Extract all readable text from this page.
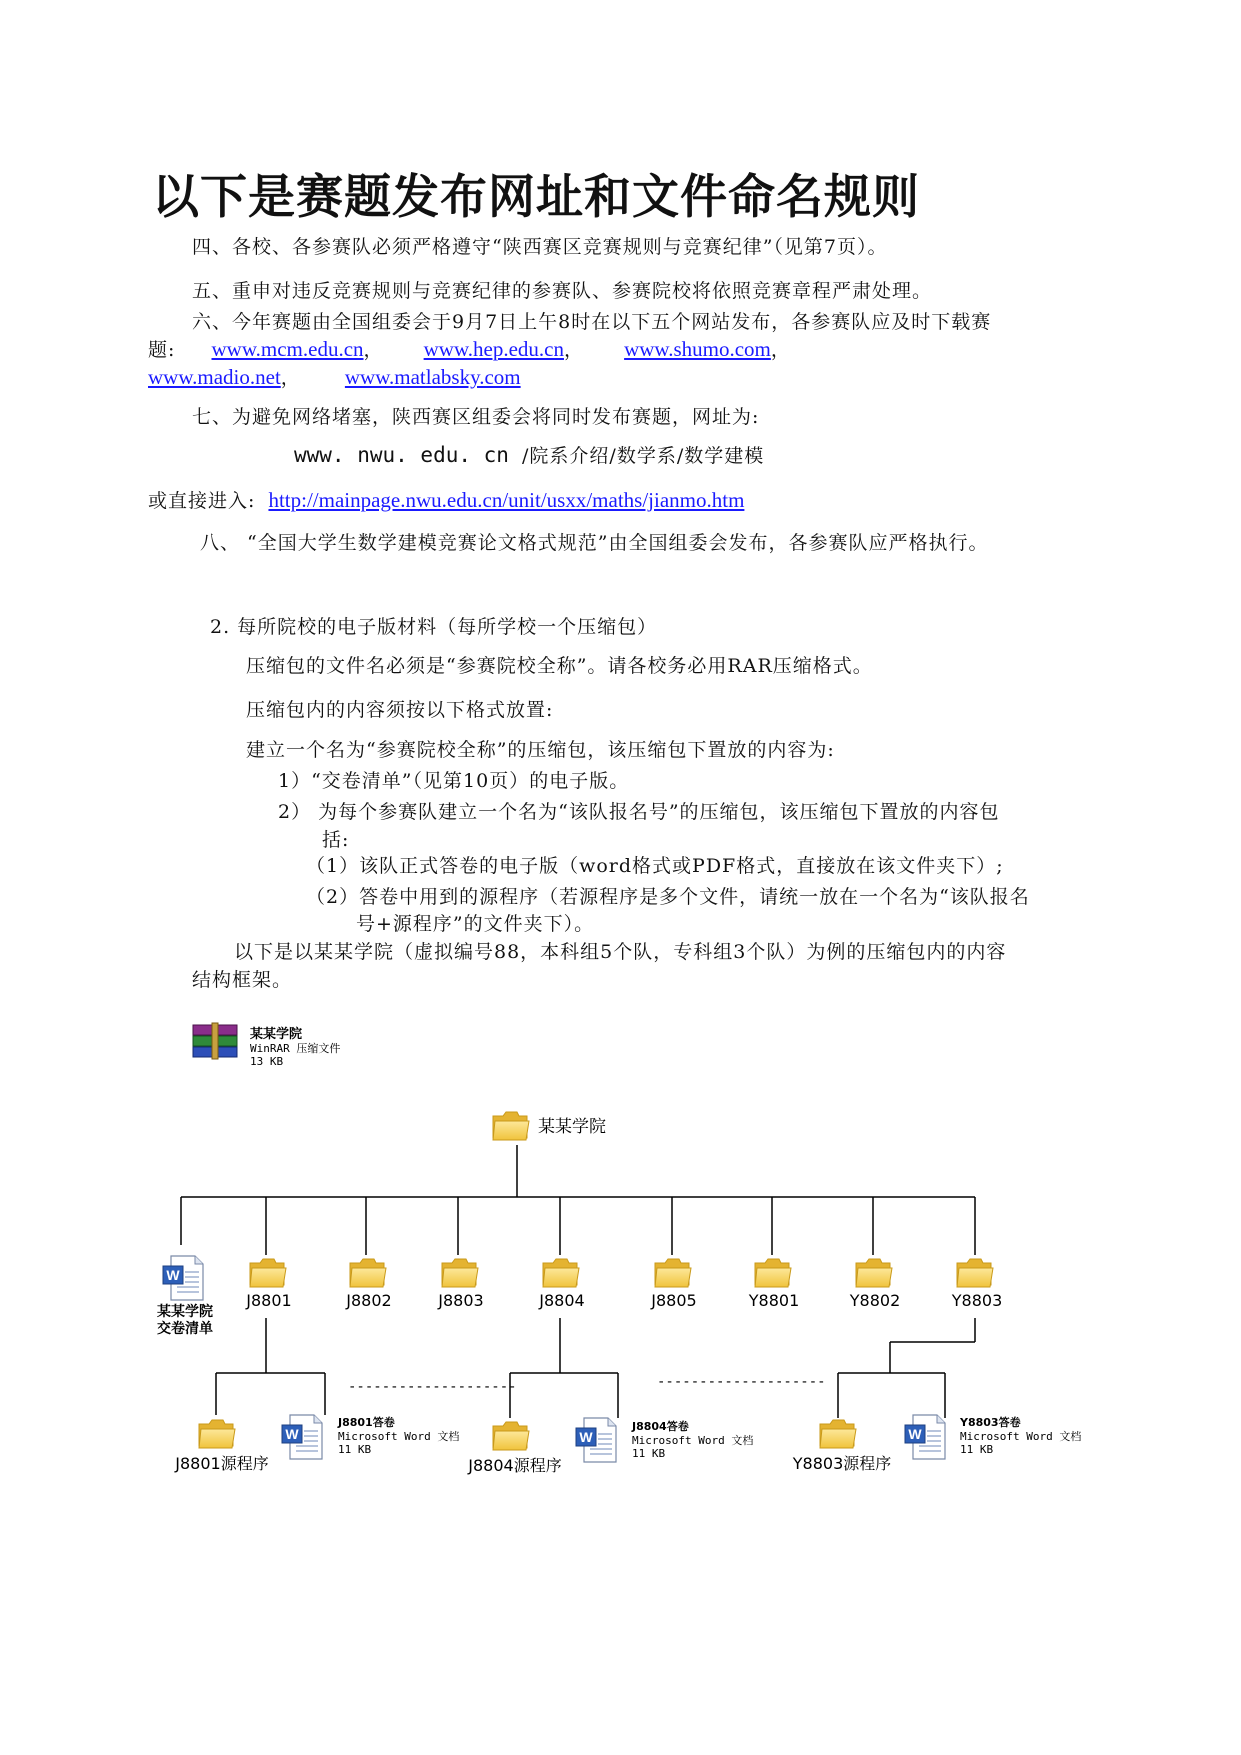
以下是赛题发布网址和文件命名规则
四、各校、各参赛队必须严格遵守“陕西赛区竞赛规则与竞赛纪律”（见第7页）。
五、重申对违反竞赛规则与竞赛纪律的参赛队、参赛院校将依照竞赛章程严肃处理。
六、今年赛题由全国组委会于9月7日上午8时在以下五个网站发布，各参赛队应及时下载赛
题: www.mcm.edu.cn， www.hep.edu.cn， www.shumo.com，
www.madio.net， www.matlabsky.com
七、为避免网络堵塞，陕西赛区组委会将同时发布赛题，网址为:
www. nwu. edu. cn /院系介绍/数学系/数学建模
或直接进入: http://mainpage.nwu.edu.cn/unit/usxx/maths/jianmo.htm
八、 “全国大学生数学建模竞赛论文格式规范”由全国组委会发布，各参赛队应严格执行。
2. 每所院校的电子版材料（每所学校一个压缩包）
压缩包的文件名必须是“参赛院校全称”。请各校务必用RAR压缩格式。
压缩包内的内容须按以下格式放置:
建立一个名为“参赛院校全称”的压缩包，该压缩包下置放的内容为:
1）“交卷清单”（见第10页）的电子版。
2） 为每个参赛队建立一个名为“该队报名号”的压缩包，该压缩包下置放的内容包
括:
（1）该队正式答卷的电子版（word格式或PDF格式，直接放在该文件夹下）;
（2）答卷中用到的源程序（若源程序是多个文件，请统一放在一个名为“该队报名
号+源程序”的文件夹下）。
以下是以某某学院（虚拟编号88，本科组5个队，专科组3个队）为例的压缩包内的内容
结构框架。
W
某某学院
WinRAR 压缩文件
13 KB
某某学院
某某学院
交卷清单
J8801	J8802	J8803	J8804	J8805	Y8801	Y8802	Y8803
J8801源程序
J8801答卷
Microsoft Word 文档
11 KB
--------------------
J8804源程序
J8804答卷
Microsoft Word 文档
11 KB
--------------------
Y8803源程序
Y8803答卷
Microsoft Word 文档
11 KB
